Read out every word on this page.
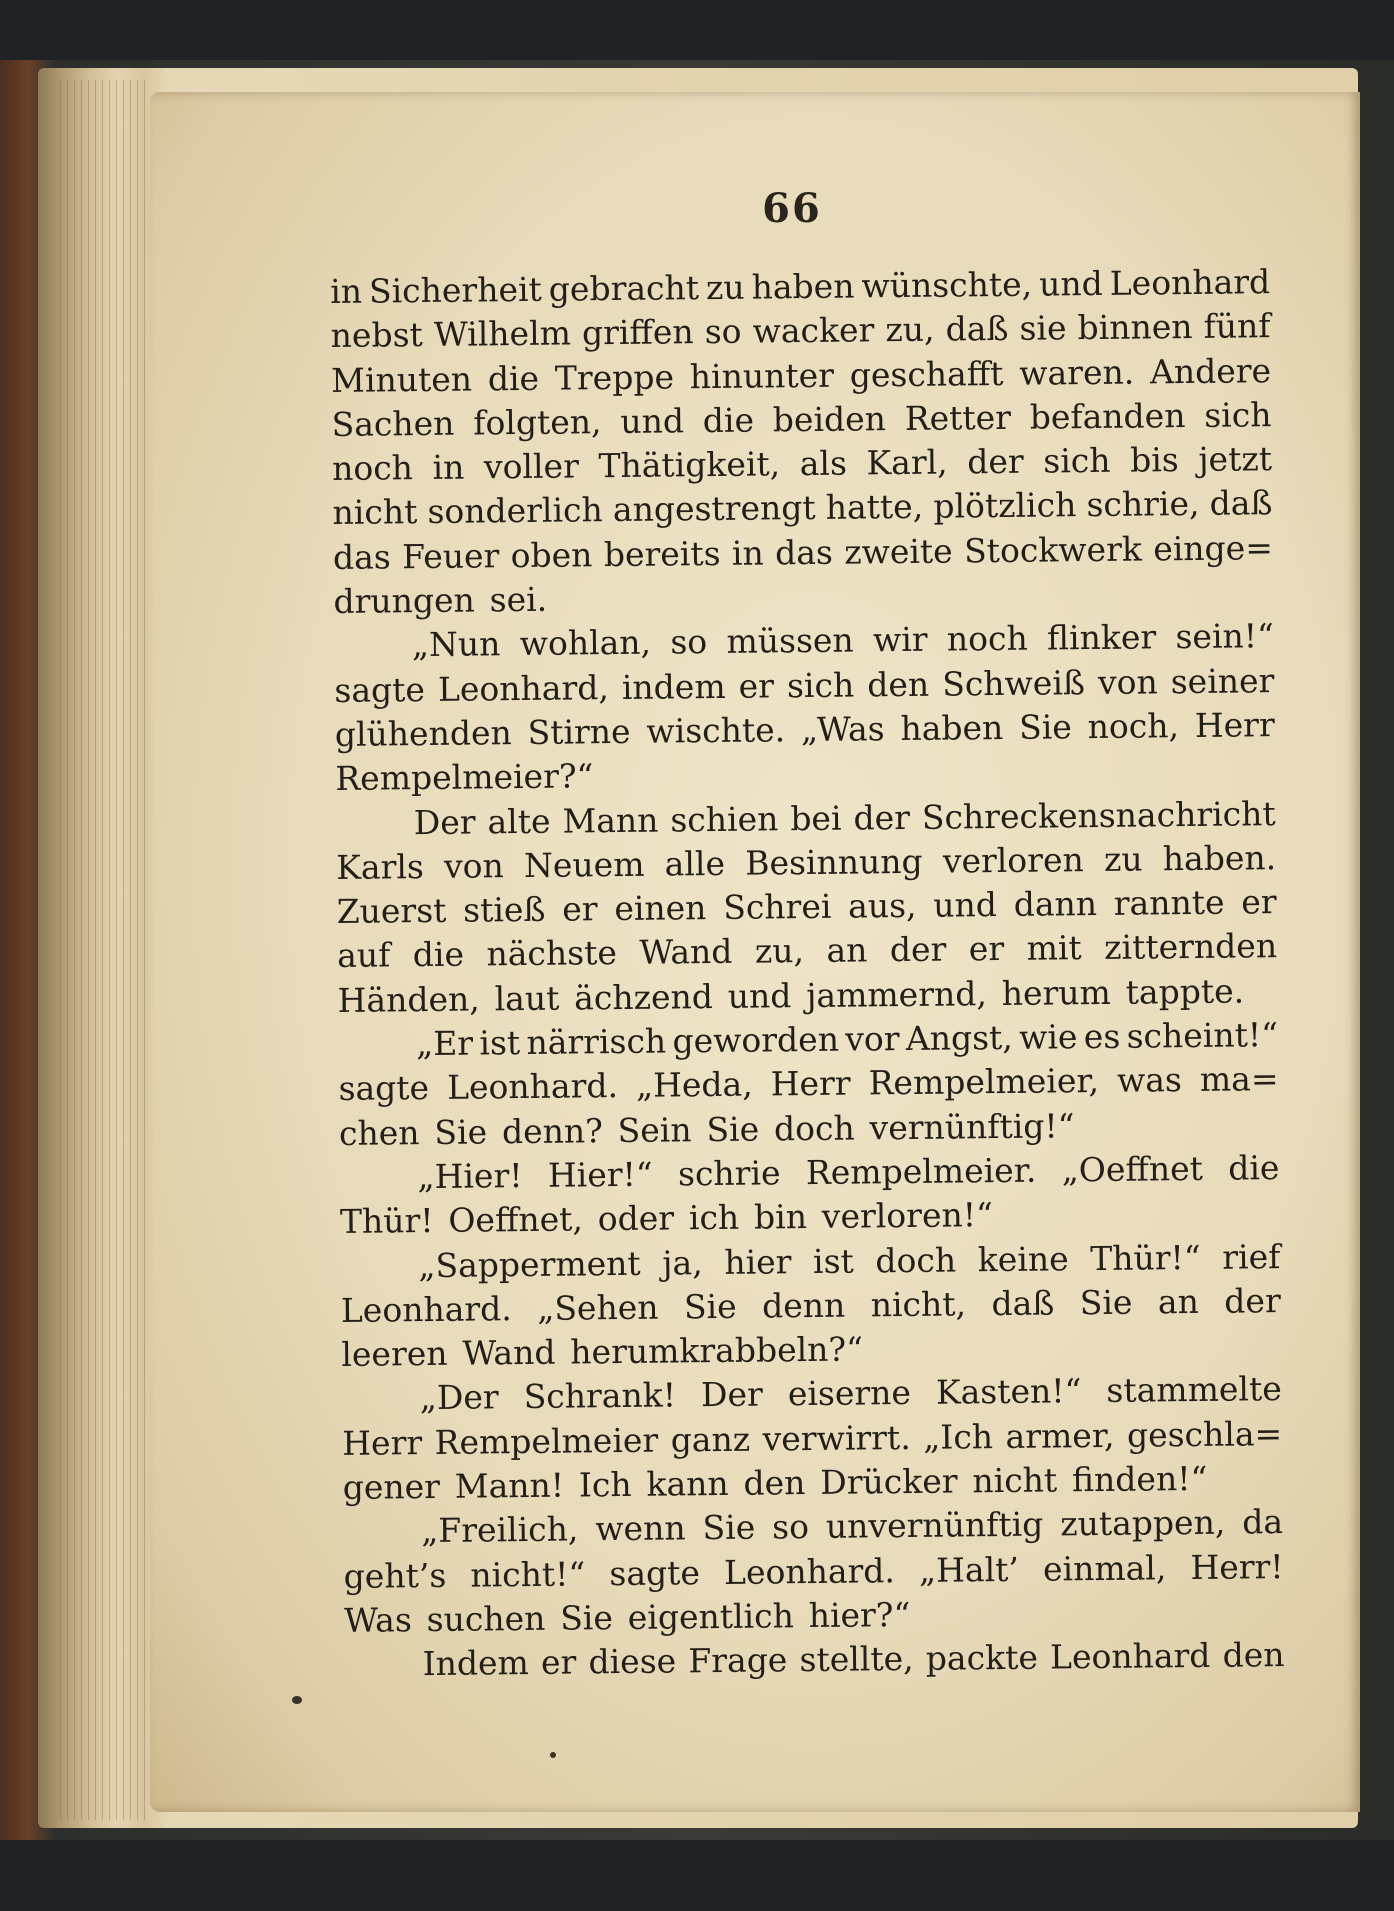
66
in Sicherheit gebracht zu haben wünschte, und Leonhard
nebst Wilhelm griffen so wacker zu, daß sie binnen fünf
Minuten die Treppe hinunter geschafft waren. Andere
Sachen folgten, und die beiden Retter befanden sich
noch in voller Thätigkeit, als Karl, der sich bis jetzt
nicht sonderlich angestrengt hatte, plötzlich schrie, daß
das Feuer oben bereits in das zweite Stockwerk einge=
drungen sei.
„Nun wohlan, so müssen wir noch flinker sein!“
sagte Leonhard, indem er sich den Schweiß von seiner
glühenden Stirne wischte. „Was haben Sie noch, Herr
Rempelmeier?“
Der alte Mann schien bei der Schreckensnachricht
Karls von Neuem alle Besinnung verloren zu haben.
Zuerst stieß er einen Schrei aus, und dann rannte er
auf die nächste Wand zu, an der er mit zitternden
Händen, laut ächzend und jammernd, herum tappte.
„Er ist närrisch geworden vor Angst, wie es scheint!“
sagte Leonhard. „Heda, Herr Rempelmeier, was ma=
chen Sie denn? Sein Sie doch vernünftig!“
„Hier! Hier!“ schrie Rempelmeier. „Oeffnet die
Thür! Oeffnet, oder ich bin verloren!“
„Sapperment ja, hier ist doch keine Thür!“ rief
Leonhard. „Sehen Sie denn nicht, daß Sie an der
leeren Wand herumkrabbeln?“
„Der Schrank! Der eiserne Kasten!“ stammelte
Herr Rempelmeier ganz verwirrt. „Ich armer, geschla=
gener Mann! Ich kann den Drücker nicht finden!“
„Freilich, wenn Sie so unvernünftig zutappen, da
geht’s nicht!“ sagte Leonhard. „Halt’ einmal, Herr!
Was suchen Sie eigentlich hier?“
Indem er diese Frage stellte, packte Leonhard den
